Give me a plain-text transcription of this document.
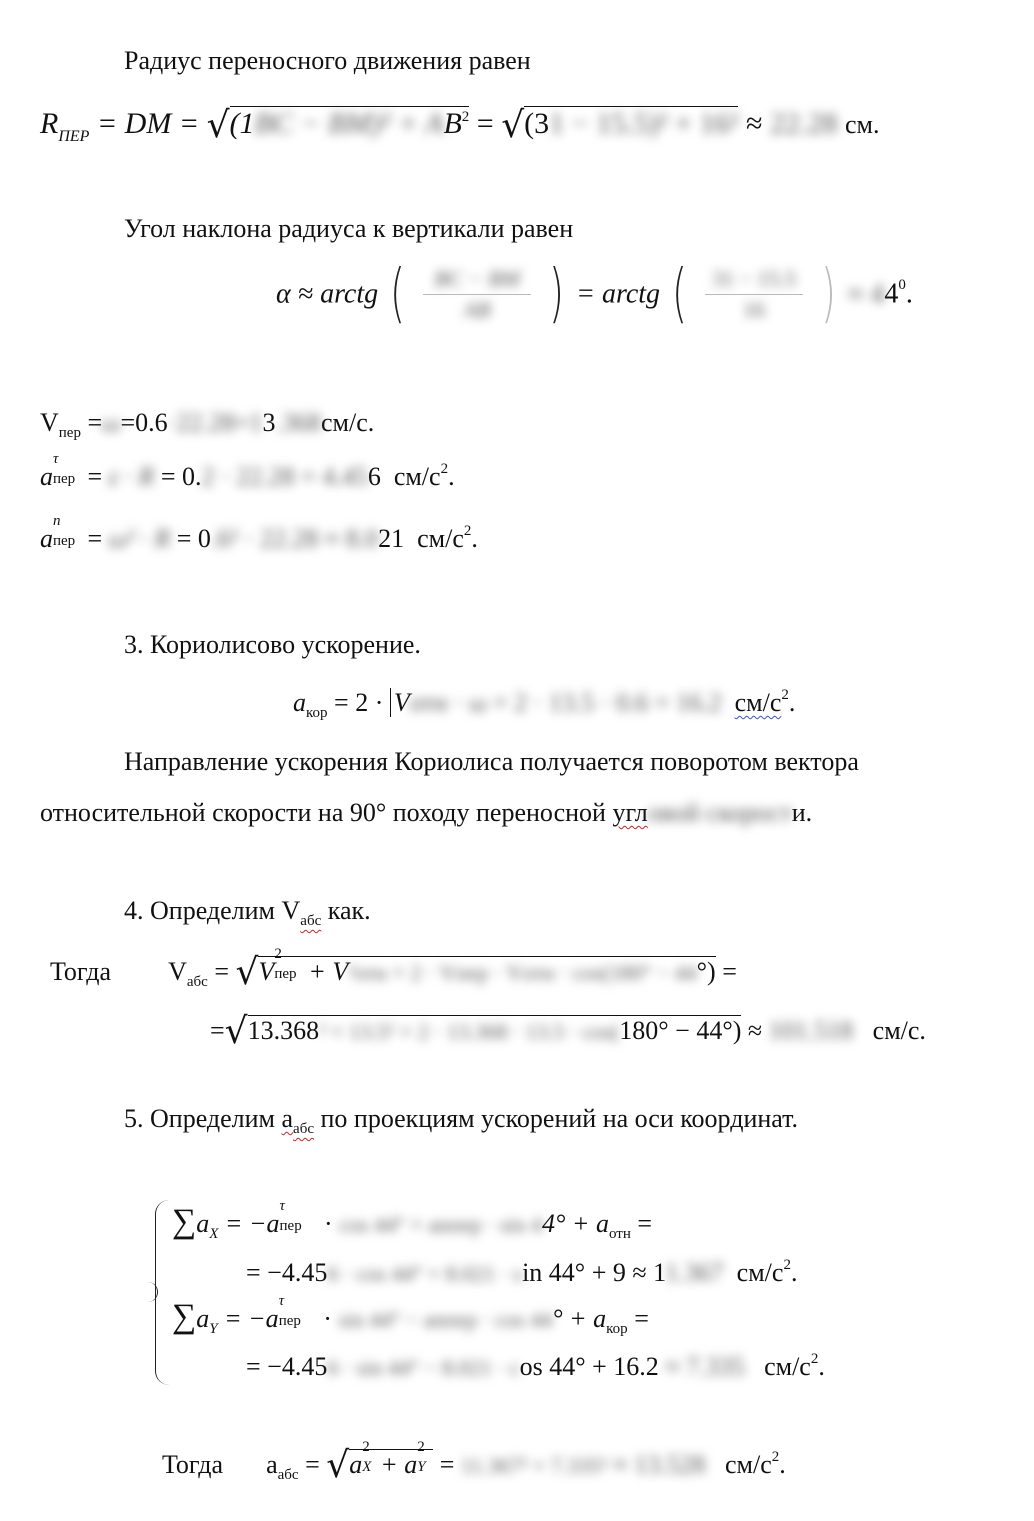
Радиус переносного движения равен
$R_{ПЕР}$ = DM = $√(1BC - BM)^2 + AB^2 = √(31 - 15.5)^2 + 16^2 \approx 22.28$ см.
Угол наклона радиуса к вертикали равен
α ≈ arctg ( $\frac{BC - BM}{AB}$ ) = arctg ( $\frac{31 - 15.5}{16}$ ) ≈ $44^0$.
$V_{пер} =\omega=0.6\cdot 22.28=13.368см/с$.
a
τ
пер = ε · R = 0.2 · 22.28 = 4.456 $см/с^2$.
a
n
пер = ω² · R = 0.6² · 22.28 ≈ 8.021 $см/с^2$.
3. Кориолисово ускорение.
$a_{кор} = 2$ · Vотн · ω = 2 · 13.5 · 0.6 = 16.2 $см/с^2$.
Направление ускорения Кориолиса получается поворотом вектора
относительной скорости на 90° походу переносной угловой скорости.
4. Определим $V_{абс}$ как.
Тогда $V_{абс} = √V$
2
пер + V²отн + 2 · Vпер · Vотн · cos(180° − 44°) =
=√13.368² + 13.5² + 2 · 13.368 · 13.5 · cos(180° − 44°) ≈ 101.518 см/с.
5. Определим $a_{абс}$ по проекциям ускорений на оси координат.
$\sum a_X = -a$
τ
пер · cos 44° + anпер · $\sin 44^\circ + a_{отн}$ =
= −4.456 · cos 44° + 8.021 · sin 44° + 9 ≈ 11.367 $см/с^2$.
$\sum a_Y = -a$
τ
пер · sin 44° − anпер · $\cos 44^\circ + a_{кор}$ =
= −4.456 · sin 44° − 8.021 · cos 44° + 16.2 ≈ 7.335 $см/с^2$.
Тогда $a_{абс} = √a$
2
X + a
2
Y = 11.367² + 7.335² ≈ 13.528 $см/с^2$.
